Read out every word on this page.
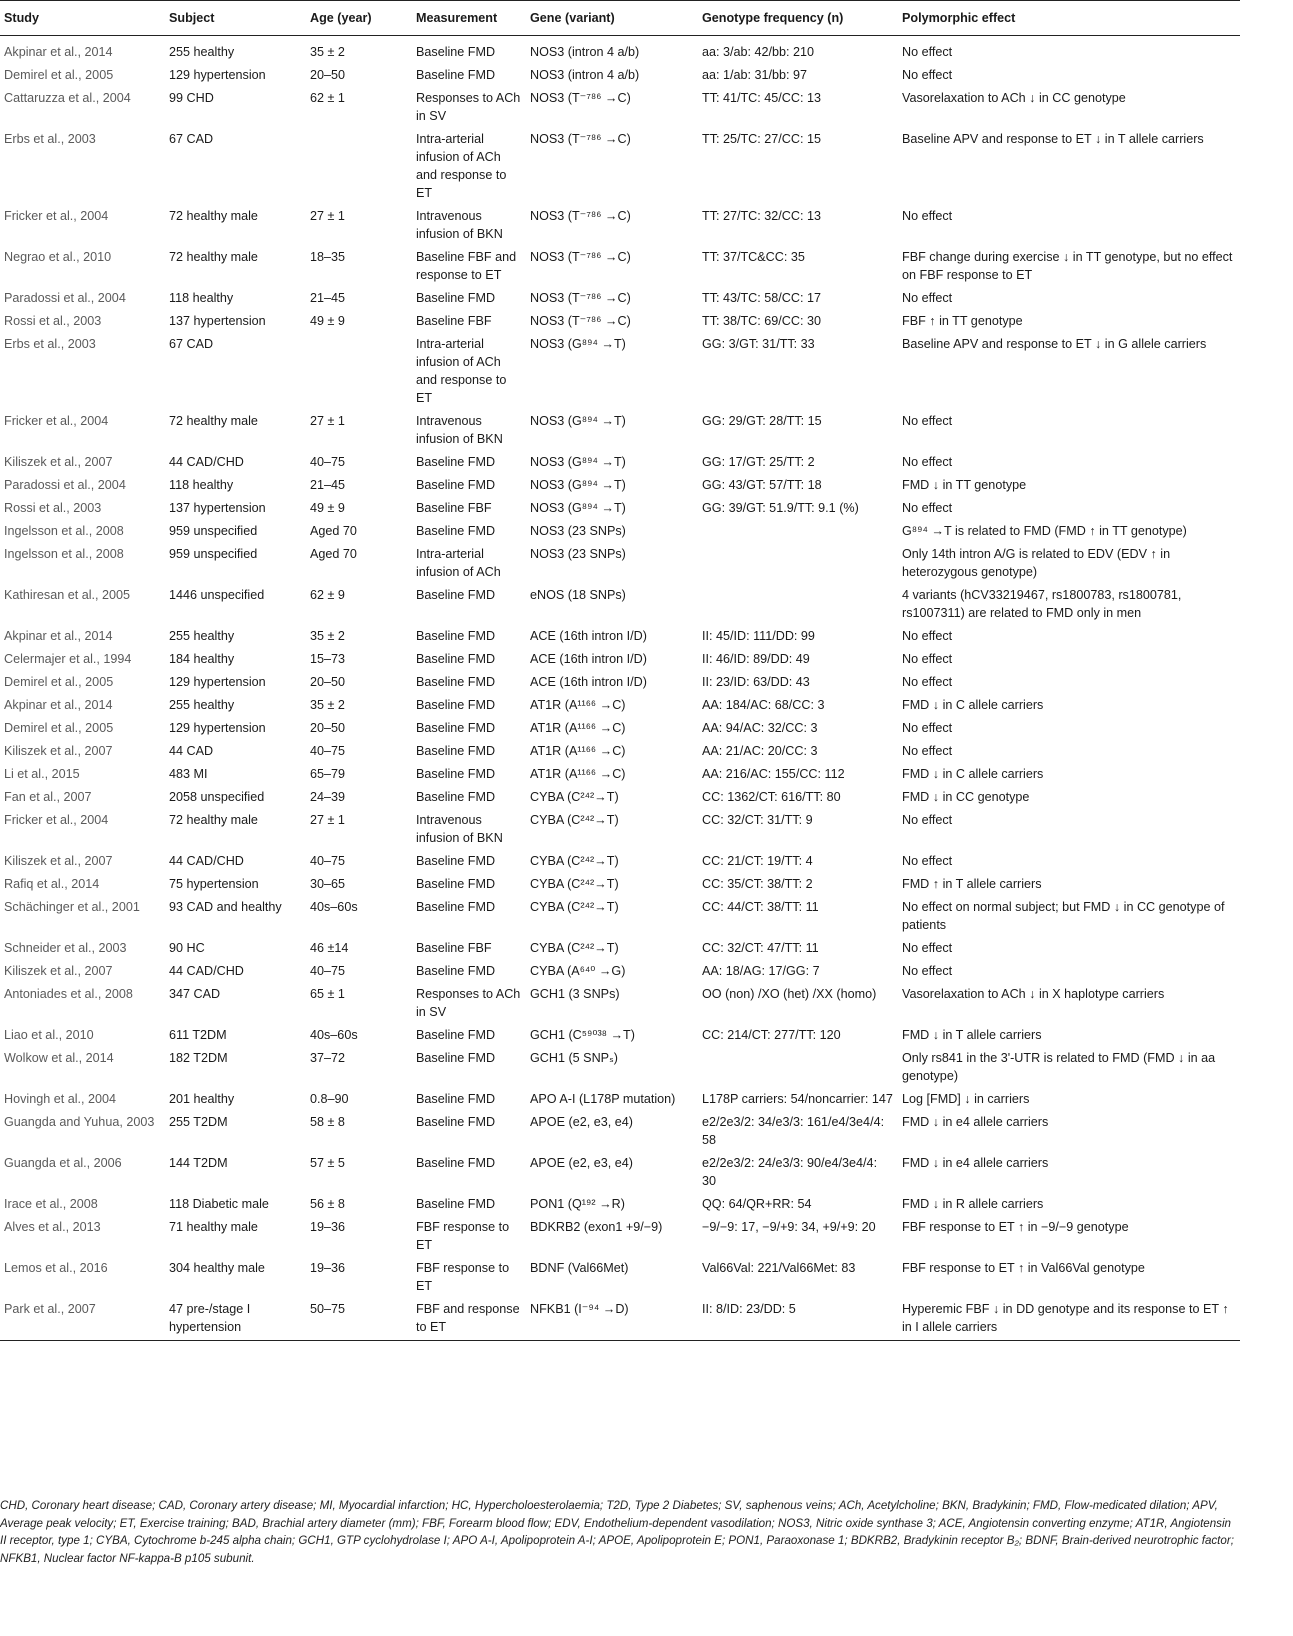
Study	Subject	Age (year)	Measurement	Gene (variant)	Genotype frequency (n)	Polymorphic effect
Akpinar et al., 2014	255 healthy	35 ± 2	Baseline FMD	NOS3 (intron 4 a/b)	aa: 3/ab: 42/bb: 210	No effect
Demirel et al., 2005	129 hypertension	20–50	Baseline FMD	NOS3 (intron 4 a/b)	aa: 1/ab: 31/bb: 97	No effect
Cattaruzza et al., 2004	99 CHD	62 ± 1	Responses to ACh in SV	NOS3 (T⁻⁷⁸⁶ →C)	TT: 41/TC: 45/CC: 13	Vasorelaxation to ACh ↓ in CC genotype
Erbs et al., 2003	67 CAD		Intra-arterial infusion of ACh and response to ET	NOS3 (T⁻⁷⁸⁶ →C)	TT: 25/TC: 27/CC: 15	Baseline APV and response to ET ↓ in T allele carriers
Fricker et al., 2004	72 healthy male	27 ± 1	Intravenous infusion of BKN	NOS3 (T⁻⁷⁸⁶ →C)	TT: 27/TC: 32/CC: 13	No effect
Negrao et al., 2010	72 healthy male	18–35	Baseline FBF and response to ET	NOS3 (T⁻⁷⁸⁶ →C)	TT: 37/TC&CC: 35	FBF change during exercise ↓ in TT genotype, but no effect on FBF response to ET
Paradossi et al., 2004	118 healthy	21–45	Baseline FMD	NOS3 (T⁻⁷⁸⁶ →C)	TT: 43/TC: 58/CC: 17	No effect
Rossi et al., 2003	137 hypertension	49 ± 9	Baseline FBF	NOS3 (T⁻⁷⁸⁶ →C)	TT: 38/TC: 69/CC: 30	FBF ↑ in TT genotype
Erbs et al., 2003	67 CAD		Intra-arterial infusion of ACh and response to ET	NOS3 (G⁸⁹⁴ →T)	GG: 3/GT: 31/TT: 33	Baseline APV and response to ET ↓ in G allele carriers
Fricker et al., 2004	72 healthy male	27 ± 1	Intravenous infusion of BKN	NOS3 (G⁸⁹⁴ →T)	GG: 29/GT: 28/TT: 15	No effect
Kiliszek et al., 2007	44 CAD/CHD	40–75	Baseline FMD	NOS3 (G⁸⁹⁴ →T)	GG: 17/GT: 25/TT: 2	No effect
Paradossi et al., 2004	118 healthy	21–45	Baseline FMD	NOS3 (G⁸⁹⁴ →T)	GG: 43/GT: 57/TT: 18	FMD ↓ in TT genotype
Rossi et al., 2003	137 hypertension	49 ± 9	Baseline FBF	NOS3 (G⁸⁹⁴ →T)	GG: 39/GT: 51.9/TT: 9.1 (%)	No effect
Ingelsson et al., 2008	959 unspecified	Aged 70	Baseline FMD	NOS3 (23 SNPs)		G⁸⁹⁴ →T is related to FMD (FMD ↑ in TT genotype)
Ingelsson et al., 2008	959 unspecified	Aged 70	Intra-arterial infusion of ACh	NOS3 (23 SNPs)		Only 14th intron A/G is related to EDV (EDV ↑ in heterozygous genotype)
Kathiresan et al., 2005	1446 unspecified	62 ± 9	Baseline FMD	eNOS (18 SNPs)		4 variants (hCV33219467, rs1800783, rs1800781, rs1007311) are related to FMD only in men
Akpinar et al., 2014	255 healthy	35 ± 2	Baseline FMD	ACE (16th intron I/D)	II: 45/ID: 111/DD: 99	No effect
Celermajer et al., 1994	184 healthy	15–73	Baseline FMD	ACE (16th intron I/D)	II: 46/ID: 89/DD: 49	No effect
Demirel et al., 2005	129 hypertension	20–50	Baseline FMD	ACE (16th intron I/D)	II: 23/ID: 63/DD: 43	No effect
Akpinar et al., 2014	255 healthy	35 ± 2	Baseline FMD	AT1R (A¹¹⁶⁶ →C)	AA: 184/AC: 68/CC: 3	FMD ↓ in C allele carriers
Demirel et al., 2005	129 hypertension	20–50	Baseline FMD	AT1R (A¹¹⁶⁶ →C)	AA: 94/AC: 32/CC: 3	No effect
Kiliszek et al., 2007	44 CAD	40–75	Baseline FMD	AT1R (A¹¹⁶⁶ →C)	AA: 21/AC: 20/CC: 3	No effect
Li et al., 2015	483 MI	65–79	Baseline FMD	AT1R (A¹¹⁶⁶ →C)	AA: 216/AC: 155/CC: 112	FMD ↓ in C allele carriers
Fan et al., 2007	2058 unspecified	24–39	Baseline FMD	CYBA (C²⁴²→T)	CC: 1362/CT: 616/TT: 80	FMD ↓ in CC genotype
Fricker et al., 2004	72 healthy male	27 ± 1	Intravenous infusion of BKN	CYBA (C²⁴²→T)	CC: 32/CT: 31/TT: 9	No effect
Kiliszek et al., 2007	44 CAD/CHD	40–75	Baseline FMD	CYBA (C²⁴²→T)	CC: 21/CT: 19/TT: 4	No effect
Rafiq et al., 2014	75 hypertension	30–65	Baseline FMD	CYBA (C²⁴²→T)	CC: 35/CT: 38/TT: 2	FMD ↑ in T allele carriers
Schächinger et al., 2001	93 CAD and healthy	40s–60s	Baseline FMD	CYBA (C²⁴²→T)	CC: 44/CT: 38/TT: 11	No effect on normal subject; but FMD ↓ in CC genotype of patients
Schneider et al., 2003	90 HC	46 ±14	Baseline FBF	CYBA (C²⁴²→T)	CC: 32/CT: 47/TT: 11	No effect
Kiliszek et al., 2007	44 CAD/CHD	40–75	Baseline FMD	CYBA (A⁶⁴⁰ →G)	AA: 18/AG: 17/GG: 7	No effect
Antoniades et al., 2008	347 CAD	65 ± 1	Responses to ACh in SV	GCH1 (3 SNPs)	OO (non) /XO (het) /XX (homo)	Vasorelaxation to ACh ↓ in X haplotype carriers
Liao et al., 2010	611 T2DM	40s–60s	Baseline FMD	GCH1 (C⁵⁹⁰³⁸ →T)	CC: 214/CT: 277/TT: 120	FMD ↓ in T allele carriers
Wolkow et al., 2014	182 T2DM	37–72	Baseline FMD	GCH1 (5 SNPₛ)		Only rs841 in the 3'-UTR is related to FMD (FMD ↓ in aa genotype)
Hovingh et al., 2004	201 healthy	0.8–90	Baseline FMD	APO A-I (L178P mutation)	L178P carriers: 54/noncarrier: 147	Log [FMD] ↓ in carriers
Guangda and Yuhua, 2003	255 T2DM	58 ± 8	Baseline FMD	APOE (e2, e3, e4)	e2/2e3/2: 34/e3/3: 161/e4/3e4/4: 58	FMD ↓ in e4 allele carriers
Guangda et al., 2006	144 T2DM	57 ± 5	Baseline FMD	APOE (e2, e3, e4)	e2/2e3/2: 24/e3/3: 90/e4/3e4/4: 30	FMD ↓ in e4 allele carriers
Irace et al., 2008	118 Diabetic male	56 ± 8	Baseline FMD	PON1 (Q¹⁹² →R)	QQ: 64/QR+RR: 54	FMD ↓ in R allele carriers
Alves et al., 2013	71 healthy male	19–36	FBF response to ET	BDKRB2 (exon1 +9/−9)	−9/−9: 17, −9/+9: 34, +9/+9: 20	FBF response to ET ↑ in −9/−9 genotype
Lemos et al., 2016	304 healthy male	19–36	FBF response to ET	BDNF (Val66Met)	Val66Val: 221/Val66Met: 83	FBF response to ET ↑ in Val66Val genotype
Park et al., 2007	47 pre-/stage I hypertension	50–75	FBF and response to ET	NFKB1 (I⁻⁹⁴ →D)	II: 8/ID: 23/DD: 5	Hyperemic FBF ↓ in DD genotype and its response to ET ↑ in I allele carriers
CHD, Coronary heart disease; CAD, Coronary artery disease; MI, Myocardial infarction; HC, Hypercholoesterolaemia; T2D, Type 2 Diabetes; SV, saphenous veins; ACh, Acetylcholine; BKN, Bradykinin; FMD, Flow-medicated dilation; APV, Average peak velocity; ET, Exercise training; BAD, Brachial artery diameter (mm); FBF, Forearm blood flow; EDV, Endothelium-dependent vasodilation; NOS3, Nitric oxide synthase 3; ACE, Angiotensin converting enzyme; AT1R, Angiotensin II receptor, type 1; CYBA, Cytochrome b-245 alpha chain; GCH1, GTP cyclohydrolase I; APO A-I, Apolipoprotein A-I; APOE, Apolipoprotein E; PON1, Paraoxonase 1; BDKRB2, Bradykinin receptor B₂; BDNF, Brain-derived neurotrophic factor; NFKB1, Nuclear factor NF-kappa-B p105 subunit.
